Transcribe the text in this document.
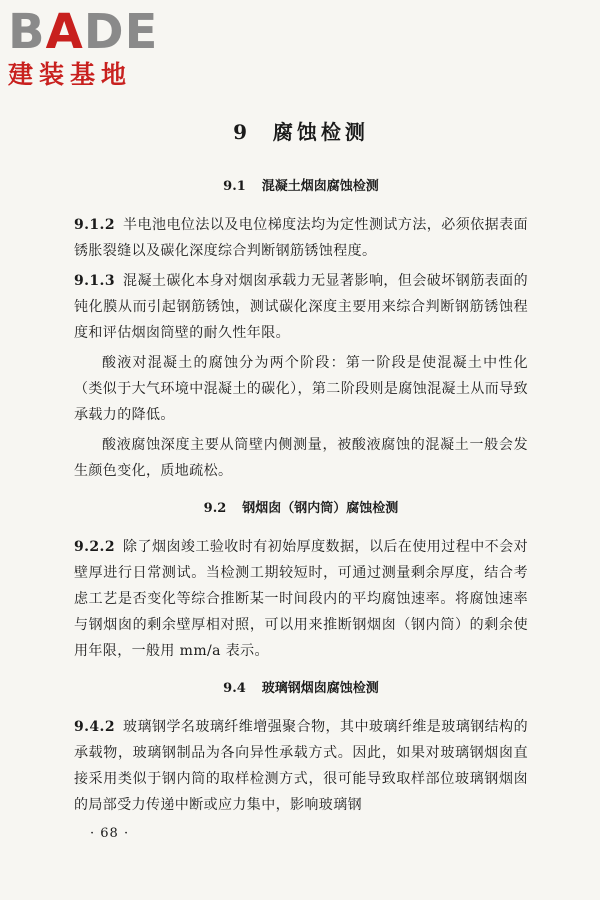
BADE
建装基地
9 腐蚀检测
9.1 混凝土烟囱腐蚀检测

9.1.2 半电池电位法以及电位梯度法均为定性测试方法，必须依据表面锈胀裂缝以及碳化深度综合判断钢筋锈蚀程度。

9.1.3 混凝土碳化本身对烟囱承载力无显著影响，但会破坏钢筋表面的钝化膜从而引起钢筋锈蚀，测试碳化深度主要用来综合判断钢筋锈蚀程度和评估烟囱筒壁的耐久性年限。

酸液对混凝土的腐蚀分为两个阶段：第一阶段是使混凝土中性化（类似于大气环境中混凝土的碳化），第二阶段则是腐蚀混凝土从而导致承载力的降低。

酸液腐蚀深度主要从筒壁内侧测量，被酸液腐蚀的混凝土一般会发生颜色变化，质地疏松。

9.2 钢烟囱（钢内筒）腐蚀检测

9.2.2 除了烟囱竣工验收时有初始厚度数据，以后在使用过程中不会对壁厚进行日常测试。当检测工期较短时，可通过测量剩余厚度，结合考虑工艺是否变化等综合推断某一时间段内的平均腐蚀速率。将腐蚀速率与钢烟囱的剩余壁厚相对照，可以用来推断钢烟囱（钢内筒）的剩余使用年限，一般用 mm/a 表示。

9.4 玻璃钢烟囱腐蚀检测

9.4.2 玻璃钢学名玻璃纤维增强聚合物，其中玻璃纤维是玻璃钢结构的承载物，玻璃钢制品为各向异性承载方式。因此，如果对玻璃钢烟囱直接采用类似于钢内筒的取样检测方式，很可能导致取样部位玻璃钢烟囱的局部受力传递中断或应力集中，影响玻璃钢

· 68 ·
